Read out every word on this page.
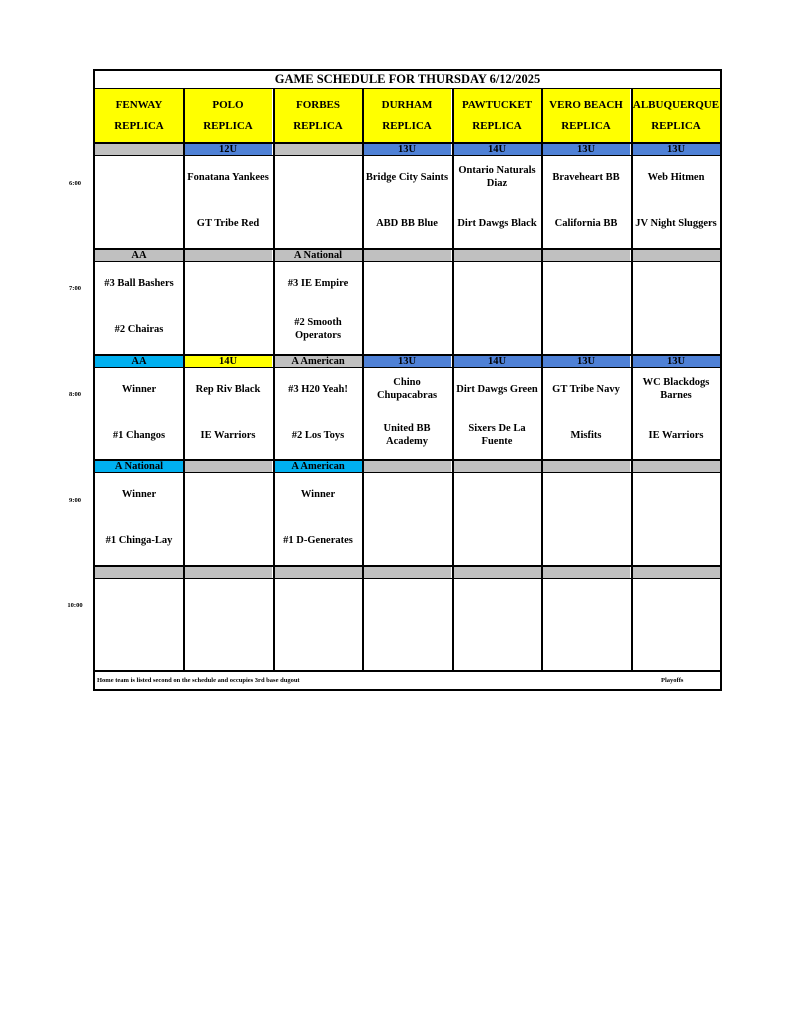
GAME SCHEDULE FOR THURSDAY 6/12/2025
FENWAY
REPLICA
POLO
REPLICA
FORBES
REPLICA
DURHAM
REPLICA
PAWTUCKET
REPLICA
VERO BEACH
REPLICA
ALBUQUERQUE
REPLICA
6:00
7:00
8:00
9:00
10:00
12U
Fonatana Yankees
GT Tribe Red
13U
Bridge City Saints
ABD BB Blue
14U
Ontario Naturals Diaz
Dirt Dawgs Black
13U
Braveheart BB
California BB
13U
Web Hitmen
JV Night Sluggers
AA
#3 Ball Bashers
#2 Chairas
A National
#3 IE Empire
#2 Smooth Operators
AA
Winner
#1 Changos
14U
Rep Riv Black
IE Warriors
A American
#3 H20 Yeah!
#2 Los Toys
13U
Chino Chupacabras
United BB Academy
14U
Dirt Dawgs Green
Sixers De La Fuente
13U
GT Tribe Navy
Misfits
13U
WC Blackdogs Barnes
IE Warriors
A National
Winner
#1 Chinga-Lay
A American
Winner
#1 D-Generates
Home team is listed second on the schedule and occupies 3rd base dugout	Playoffs
